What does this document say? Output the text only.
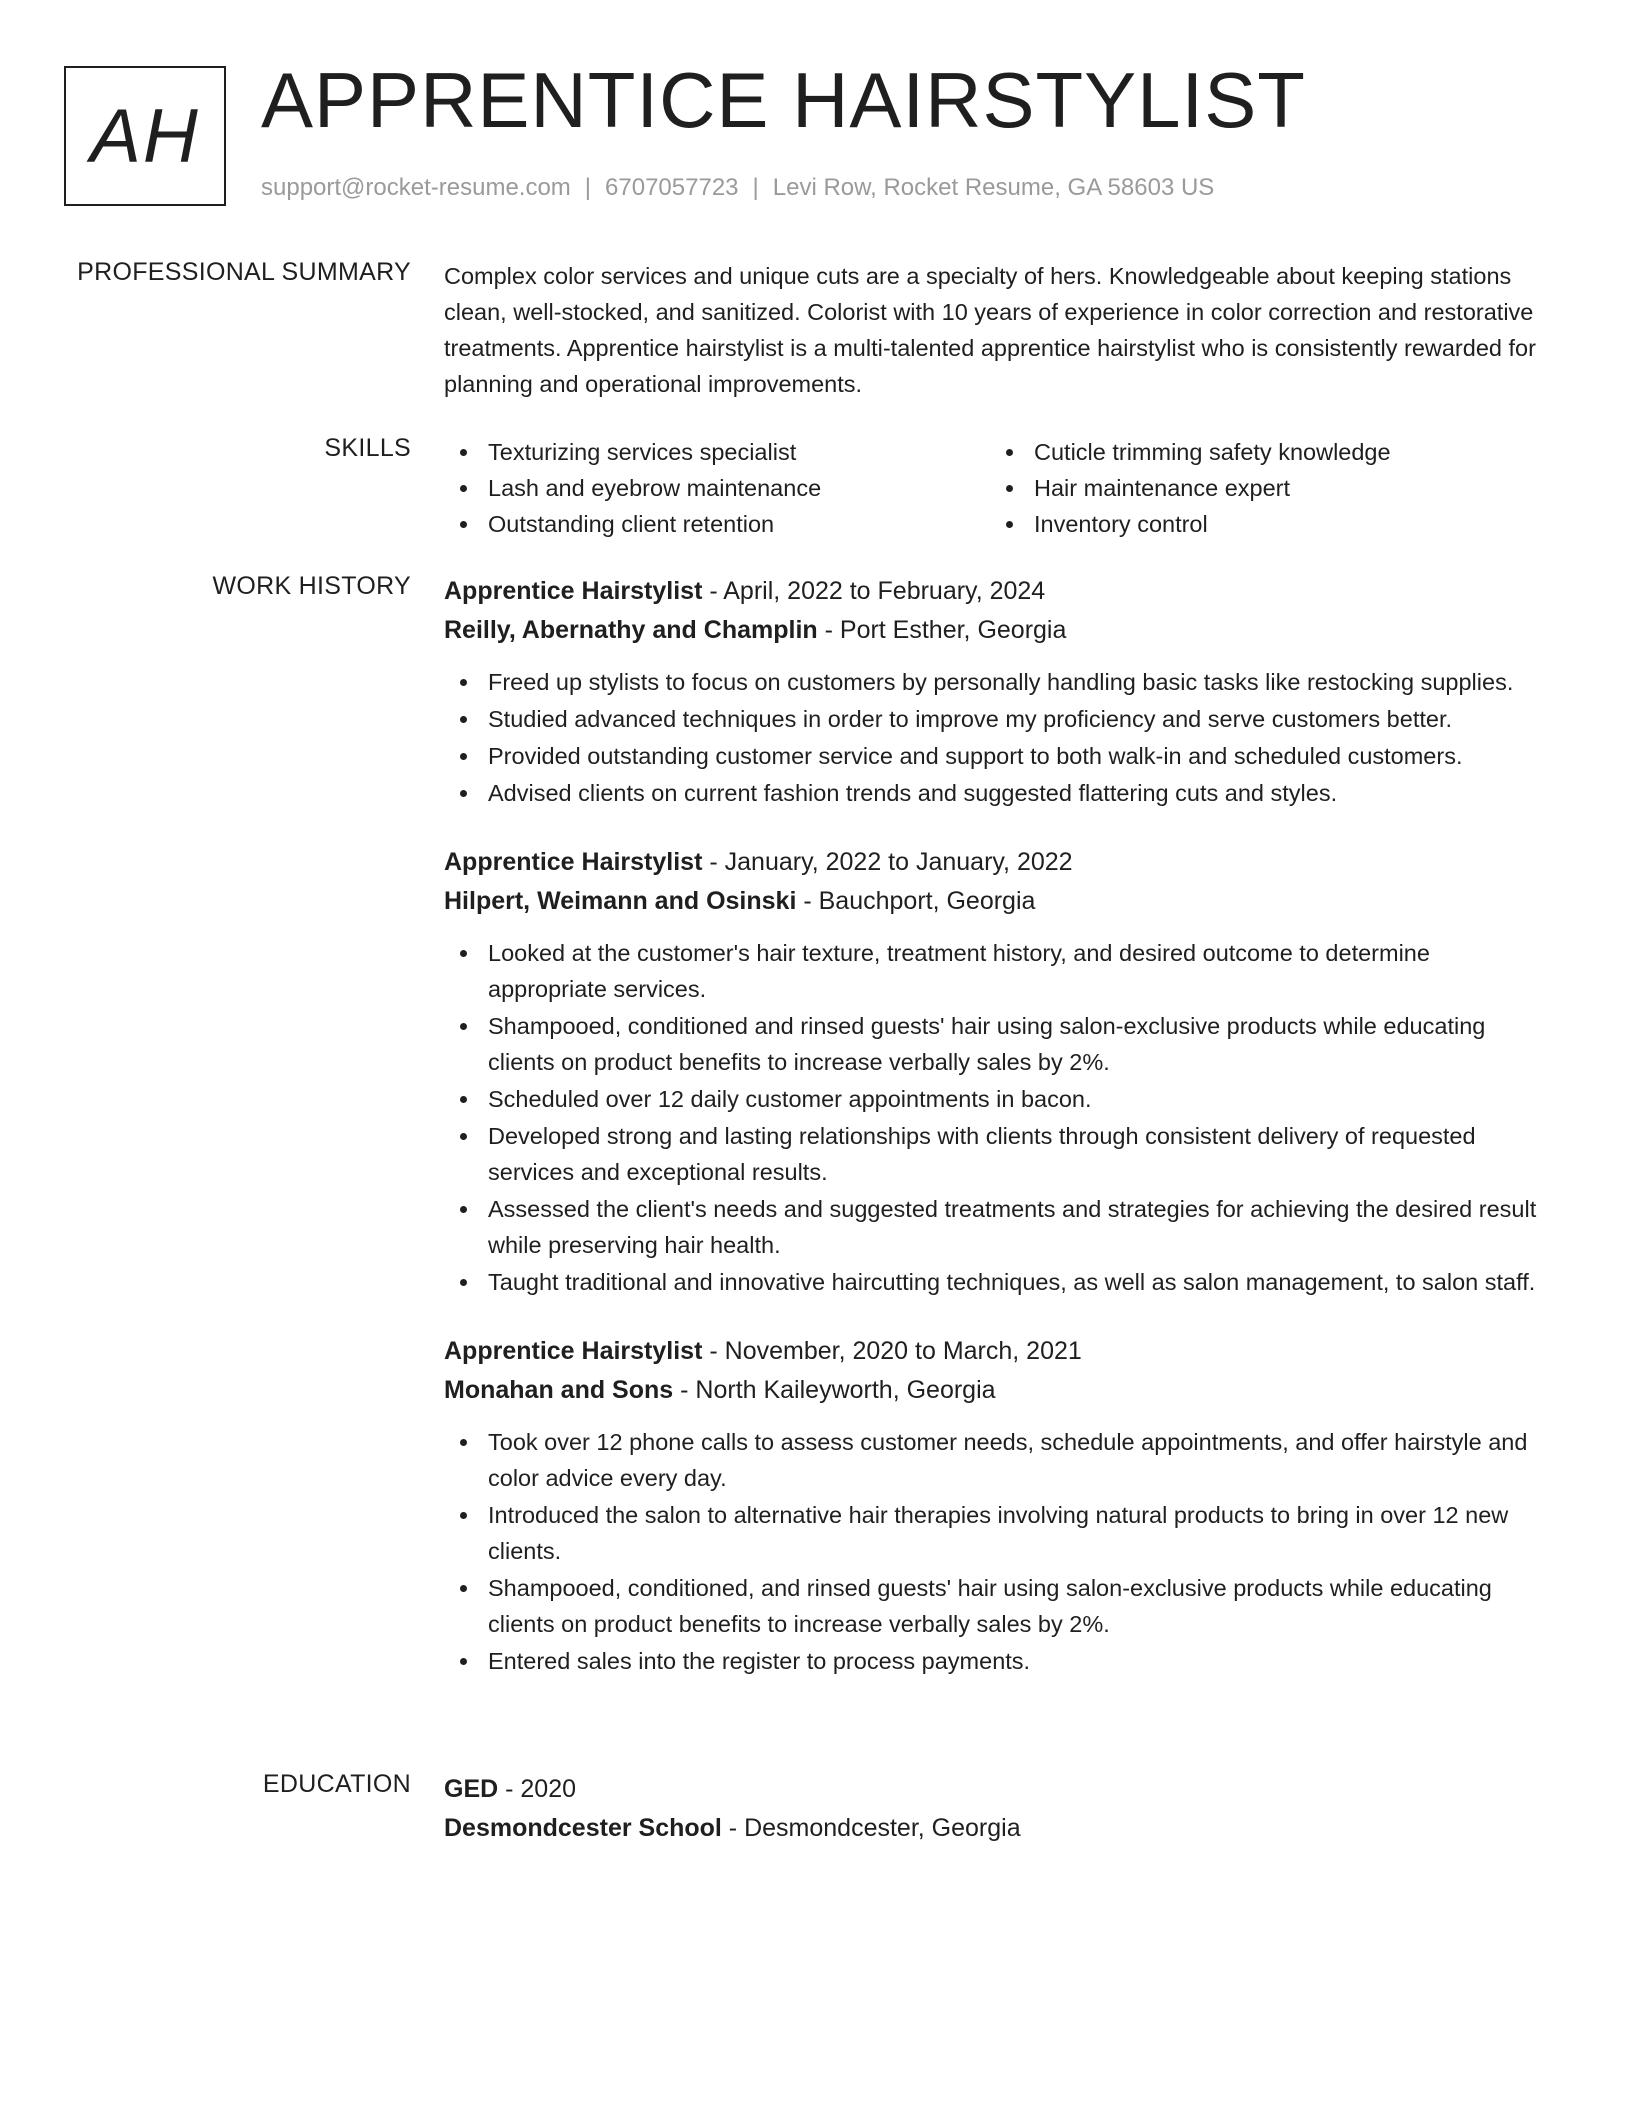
AH APPRENTICE HAIRSTYLIST
support@rocket-resume.com | 6707057723 | Levi Row, Rocket Resume, GA 58603 US
PROFESSIONAL SUMMARY Complex color services and unique cuts are a specialty of hers. Knowledgeable about keeping stations clean, well-stocked, and sanitized. Colorist with 10 years of experience in color correction and restorative treatments. Apprentice hairstylist is a multi-talented apprentice hairstylist who is consistently rewarded for planning and operational improvements.

SKILLS	Texturizing services specialist
Lash and eyebrow maintenance
Outstanding client retention
Cuticle trimming safety knowledge
Hair maintenance expert
Inventory control
WORK HISTORY Apprentice Hairstylist - April, 2022 to February, 2024
Reilly, Abernathy and Champlin - Port Esther, Georgia
Freed up stylists to focus on customers by personally handling basic tasks like restocking supplies.
Studied advanced techniques in order to improve my proficiency and serve customers better.
Provided outstanding customer service and support to both walk-in and scheduled customers.
Advised clients on current fashion trends and suggested flattering cuts and styles.
Apprentice Hairstylist - January, 2022 to January, 2022
Hilpert, Weimann and Osinski - Bauchport, Georgia
Looked at the customer's hair texture, treatment history, and desired outcome to determine appropriate services.
Shampooed, conditioned and rinsed guests' hair using salon-exclusive products while educating clients on product benefits to increase verbally sales by 2%.
Scheduled over 12 daily customer appointments in bacon.
Developed strong and lasting relationships with clients through consistent delivery of requested services and exceptional results.
Assessed the client's needs and suggested treatments and strategies for achieving the desired result while preserving hair health.
Taught traditional and innovative haircutting techniques, as well as salon management, to salon staff.
Apprentice Hairstylist - November, 2020 to March, 2021
Monahan and Sons - North Kaileyworth, Georgia
Took over 12 phone calls to assess customer needs, schedule appointments, and offer hairstyle and color advice every day.
Introduced the salon to alternative hair therapies involving natural products to bring in over 12 new clients.
Shampooed, conditioned, and rinsed guests' hair using salon-exclusive products while educating clients on product benefits to increase verbally sales by 2%.
Entered sales into the register to process payments.
EDUCATION GED - 2020
Desmondcester School - Desmondcester, Georgia
